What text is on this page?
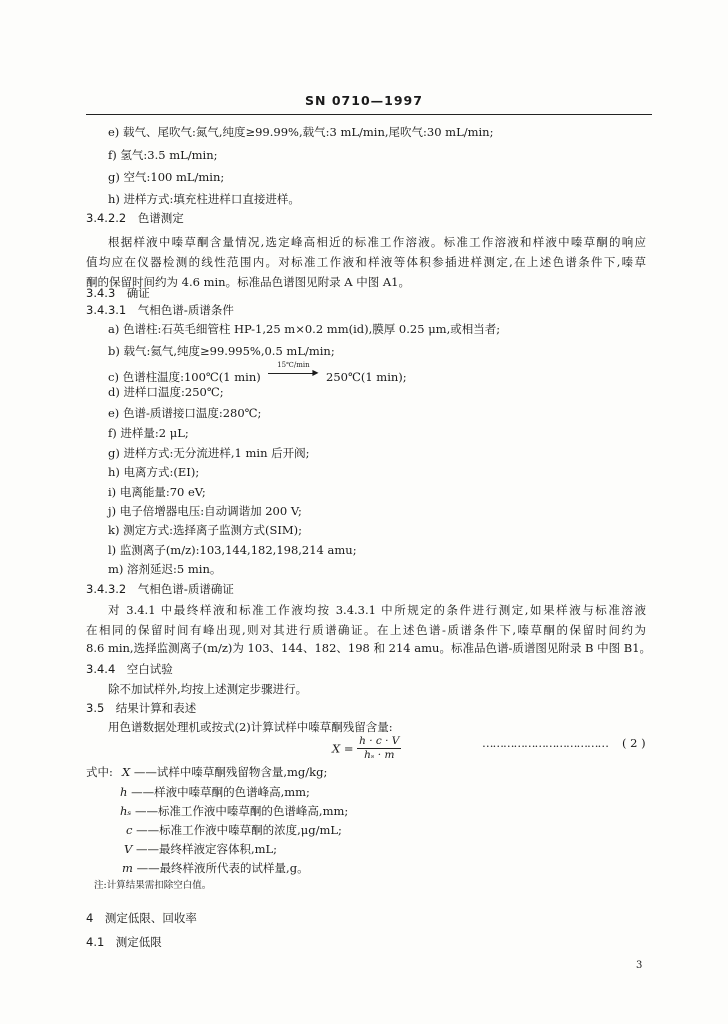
SN 0710—1997
e) 载气、尾吹气:氮气,纯度≥99.99%,载气:3 mL/min,尾吹气:30 mL/min;
f) 氢气:3.5 mL/min;
g) 空气:100 mL/min;
h) 进样方式:填充柱进样口直接进样。
3.4.2.2　色谱测定
根据样液中嗪草酮含量情况,选定峰高相近的标准工作溶液。标准工作溶液和样液中嗪草酮的响应
值均应在仪器检测的线性范围内。对标准工作液和样液等体积参插进样测定,在上述色谱条件下,嗪草
酮的保留时间约为 4.6 min。标准品色谱图见附录 A 中图 A1。
3.4.3　确证
3.4.3.1　气相色谱-质谱条件
a) 色谱柱:石英毛细管柱 HP-1,25 m×0.2 mm(id),膜厚 0.25 μm,或相当者;
b) 载气:氦气,纯度≥99.995%,0.5 mL/min;
c) 色谱柱温度:100℃(1 min)
15℃/min
▶ 250℃(1 min);
d) 进样口温度:250℃;
e) 色谱-质谱接口温度:280℃;
f) 进样量:2 μL;
g) 进样方式:无分流进样,1 min 后开阀;
h) 电离方式:(EI);
i) 电离能量:70 eV;
j) 电子倍增器电压:自动调谐加 200 V;
k) 测定方式:选择离子监测方式(SIM);
l) 监测离子(m/z):103,144,182,198,214 amu;
m) 溶剂延迟:5 min。
3.4.3.2　气相色谱-质谱确证
对 3.4.1 中最终样液和标准工作液均按 3.4.3.1 中所规定的条件进行测定,如果样液与标准溶液
在相同的保留时间有峰出现,则对其进行质谱确证。在上述色谱-质谱条件下,嗪草酮的保留时间约为
8.6 min,选择监测离子(m/z)为 103、144、182、198 和 214 amu。标准品色谱-质谱图见附录 B 中图 B1。
3.4.4　空白试验
除不加试样外,均按上述测定步骤进行。
3.5　结果计算和表述
用色谱数据处理机或按式(2)计算试样中嗪草酮残留含量:
$X = \frac{h \cdot c \cdot V}{\text{hₛ · m}}$	……………………………… ( 2 )
式中: X ——试样中嗪草酮残留物含量,mg/kg;
h ——样液中嗪草酮的色谱峰高,mm;
hₛ ——标准工作液中嗪草酮的色谱峰高,mm;
c ——标准工作液中嗪草酮的浓度,μg/mL;
V ——最终样液定容体积,mL;
m ——最终样液所代表的试样量,g。
注:计算结果需扣除空白值。
4　测定低限、回收率
4.1　测定低限
3
